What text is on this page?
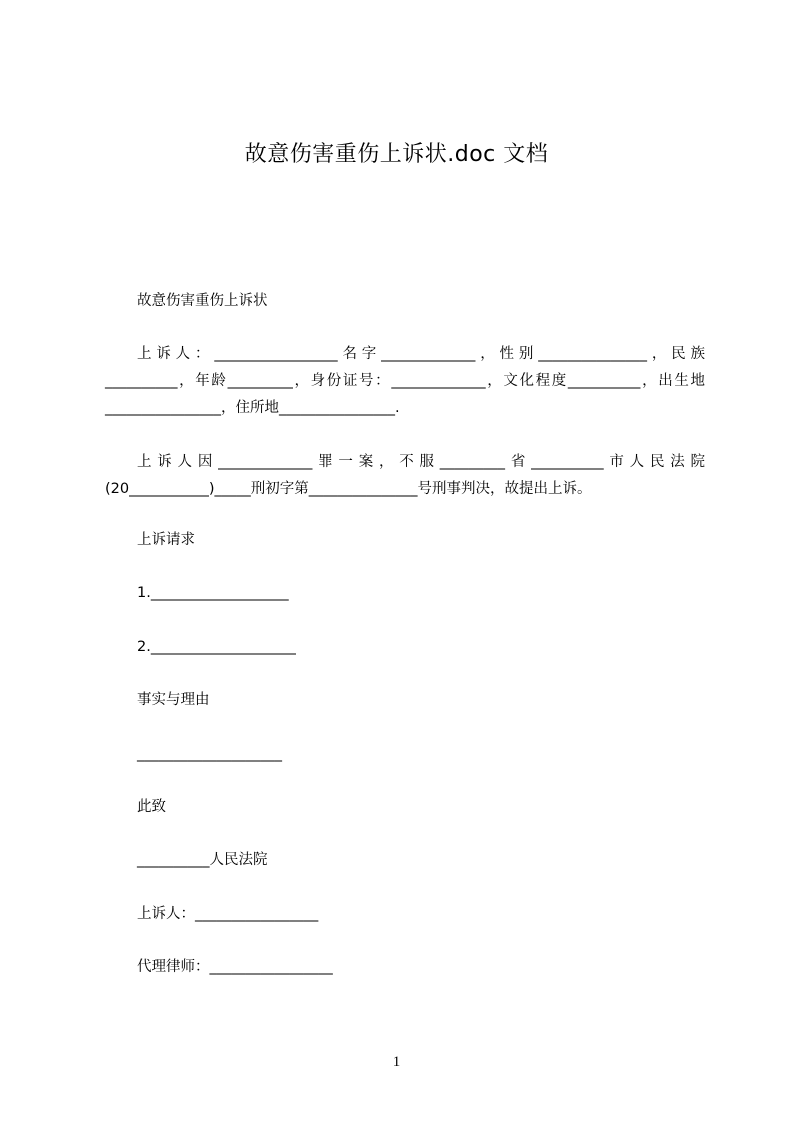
故意伤害重伤上诉状.doc 文档
故意伤害重伤上诉状
上诉人：_________________名字_____________，性别_______________，民族__________，年龄_________，身份证号：_____________，文化程度__________，出生地________________，住所地________________.
上诉人因_____________罪一案，不服_________省__________市人民法院(20___________)_____刑初字第_______________号刑事判决，故提出上诉。
上诉请求
1.___________________
2.____________________
事实与理由
____________________
此致
__________人民法院
上诉人：_________________
代理律师：_________________
1
